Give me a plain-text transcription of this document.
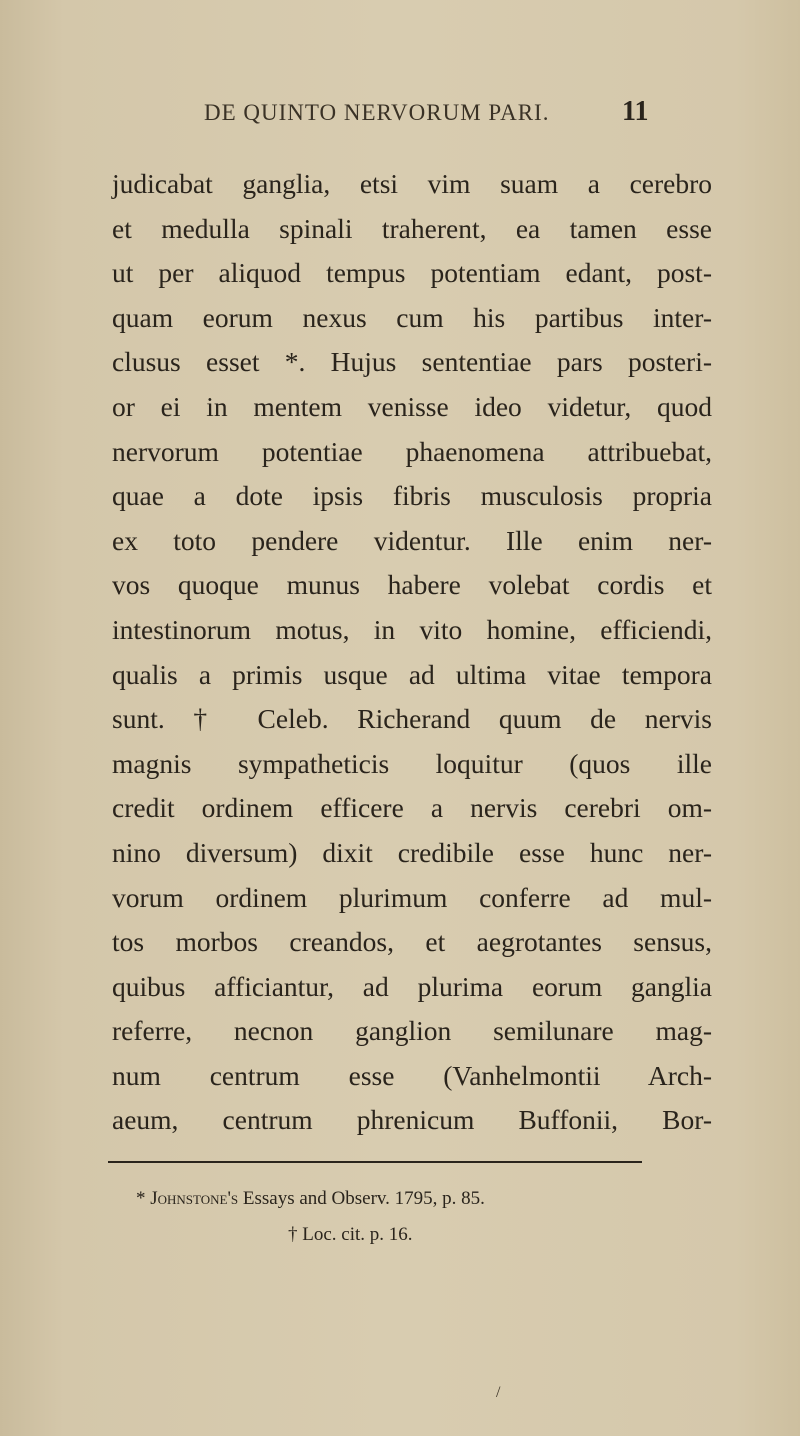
DE QUINTO NERVORUM PARI.	11
judicabat ganglia, etsi vim suam a cerebro
et medulla spinali traherent, ea tamen esse
ut per aliquod tempus potentiam edant, post-
quam eorum nexus cum his partibus inter-
clusus esset *. Hujus sententiae pars posteri-
or ei in mentem venisse ideo videtur, quod
nervorum potentiae phaenomena attribuebat,
quae a dote ipsis fibris musculosis propria
ex toto pendere videntur. Ille enim ner-
vos quoque munus habere volebat cordis et
intestinorum motus, in vito homine, efficiendi,
qualis a primis usque ad ultima vitae tempora
sunt. † Celeb. Richerand quum de nervis
magnis sympatheticis loquitur (quos ille
credit ordinem efficere a nervis cerebri om-
nino diversum) dixit credibile esse hunc ner-
vorum ordinem plurimum conferre ad mul-
tos morbos creandos, et aegrotantes sensus,
quibus afficiantur, ad plurima eorum ganglia
referre, necnon ganglion semilunare mag-
num centrum esse (Vanhelmontii Arch-
aeum, centrum phrenicum Buffonii, Bor-
* Johnstone's Essays and Observ. 1795, p. 85.
† Loc. cit. p. 16.
/
